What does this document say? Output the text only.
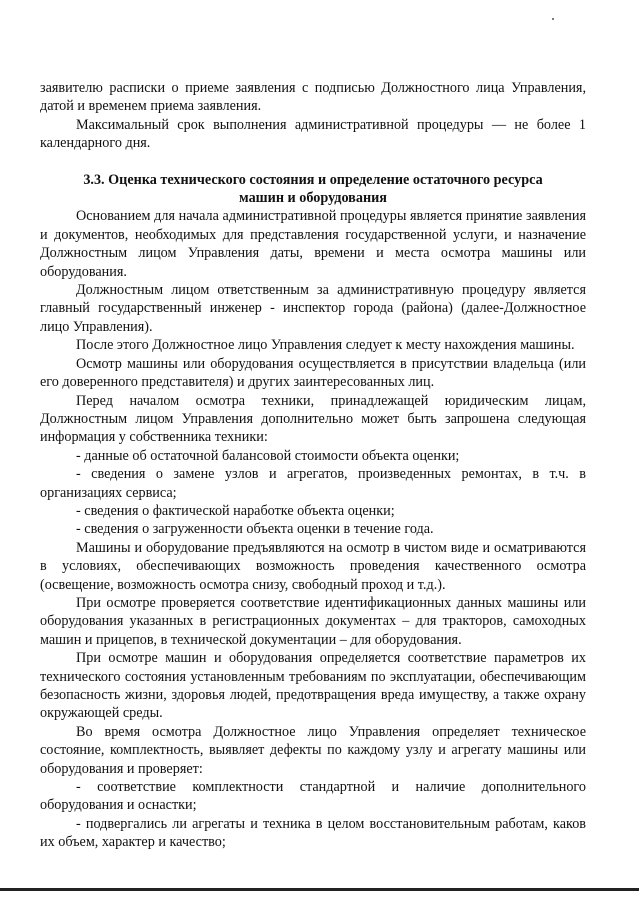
заявителю расписки о приеме заявления с подписью Должностного лица Управления, датой и временем приема заявления.

Максимальный срок выполнения административной процедуры — не более 1 календарного дня.

3.3. Оценка технического состояния и определение остаточного ресурса машин и оборудования

Основанием для начала административной процедуры является принятие заявления и документов, необходимых для представления государственной услуги, и назначение Должностным лицом Управления даты, времени и места осмотра машины или оборудования.

Должностным лицом ответственным за административную процедуру является главный государственный инженер - инспектор города (района) (далее-Должностное лицо Управления).

После этого Должностное лицо Управления следует к месту нахождения машины.

Осмотр машины или оборудования осуществляется в присутствии владельца (или его доверенного представителя) и других заинтересованных лиц.

Перед началом осмотра техники, принадлежащей юридическим лицам, Должностным лицом Управления дополнительно может быть запрошена следующая информация у собственника техники:

- данные об остаточной балансовой стоимости объекта оценки;

- сведения о замене узлов и агрегатов, произведенных ремонтах, в т.ч. в организациях сервиса;

- сведения о фактической наработке объекта оценки;

- сведения о загруженности объекта оценки в течение года.

Машины и оборудование предъявляются на осмотр в чистом виде и осматриваются в условиях, обеспечивающих возможность проведения качественного осмотра (освещение, возможность осмотра снизу, свободный проход и т.д.).

При осмотре проверяется соответствие идентификационных данных машины или оборудования указанных в регистрационных документах – для тракторов, самоходных машин и прицепов, в технической документации – для оборудования.

При осмотре машин и оборудования определяется соответствие параметров их технического состояния установленным требованиям по эксплуатации, обеспечивающим безопасность жизни, здоровья людей, предотвращения вреда имуществу, а также охрану окружающей среды.

Во время осмотра Должностное лицо Управления определяет техническое состояние, комплектность, выявляет дефекты по каждому узлу и агрегату машины или оборудования и проверяет:

- соответствие комплектности стандартной и наличие дополнительного оборудования и оснастки;

- подвергались ли агрегаты и техника в целом восстановительным работам, каков их объем, характер и качество;
